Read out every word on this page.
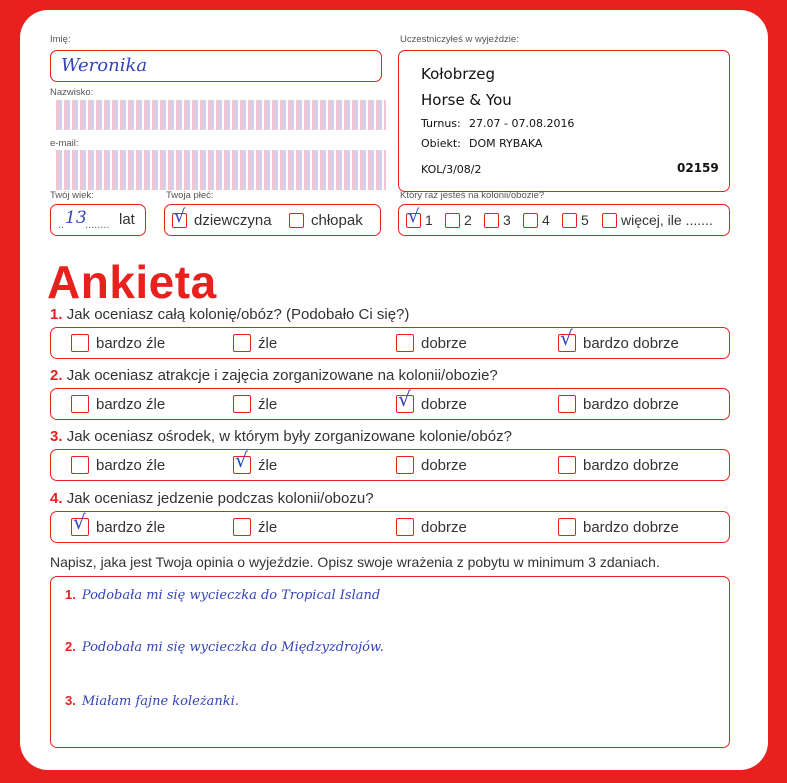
Imię:
Weronika
Nazwisko:
e-mail:
Twój wiek:
.. 13
........ lat
Twoja płeć:
√ dziewczyna	chłopak
Uczestniczyłeś w wyjeździe:
Kołobrzeg
Horse & You
Turnus: 27.07 - 07.08.2016
Obiekt: DOM RYBAKA
KOL/3/08/2	02159
Który raz jesteś na kolonii/obozie?
√ 1 2 3 4 5 więcej, ile .......
Ankieta
1. Jak oceniasz całą kolonię/obóz? (Podobało Ci się?)
bardzo źle	źle	dobrze	√ bardzo dobrze
2. Jak oceniasz atrakcje i zajęcia zorganizowane na kolonii/obozie?
bardzo źle	źle	√ dobrze	bardzo dobrze
3. Jak oceniasz ośrodek, w którym były zorganizowane kolonie/obóz?
bardzo źle	√ źle	dobrze	bardzo dobrze
4. Jak oceniasz jedzenie podczas kolonii/obozu?
√ bardzo źle	źle	dobrze	bardzo dobrze
Napisz, jaka jest Twoja opinia o wyjeździe. Opisz swoje wrażenia z pobytu w minimum 3 zdaniach.
1. Podobała mi się wycieczka do Tropical Island
2. Podobała mi się wycieczka do Międzyzdrojów.
3. Miałam fajne koleżanki.
